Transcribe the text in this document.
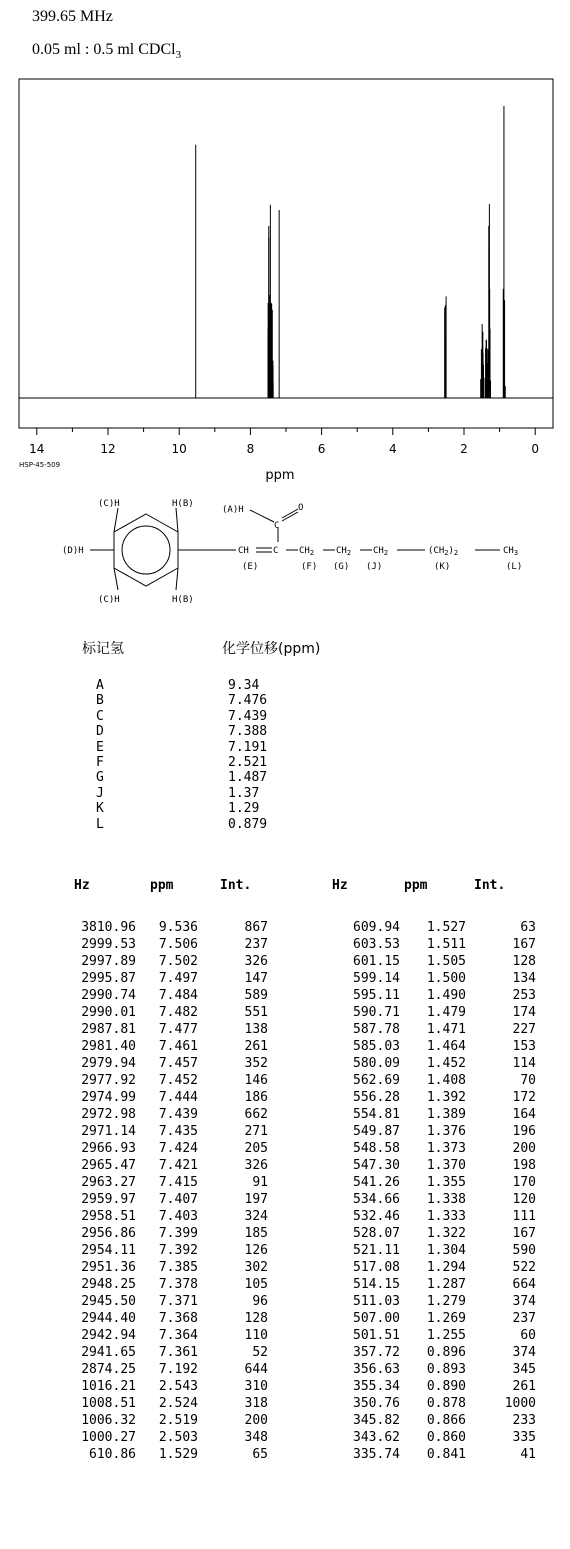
399.65 MHz
0.05 ml : 0.5 ml CDCl$_3$
14	12	10	8	6	4	2	0
ppm
HSP-45-509
(C)H	H(B)
(D)H
(C)H	H(B)
(A)H
C
O
CH	C $CH_2$ $CH_2$ $CH_2$	$(CH_2)_2$	$CH_3$
(E)	(F) (G) (J)	(K)	(L)
标记氢	化学位移(ppm)
A	9.34
B	7.476
C	7.439
D	7.388
E	7.191
F	2.521
G	1.487
J	1.37
K	1.29
L	0.879
Hz	ppm	Int.	Hz	ppm	Int.
3810.96 9.536	867	609.94 1.527	63
2999.53 7.506	237	603.53 1.511	167
2997.89 7.502	326	601.15 1.505	128
2995.87 7.497	147	599.14 1.500	134
2990.74 7.484	589	595.11 1.490	253
2990.01 7.482	551	590.71 1.479	174
2987.81 7.477	138	587.78 1.471	227
2981.40 7.461	261	585.03 1.464	153
2979.94 7.457	352	580.09 1.452	114
2977.92 7.452	146	562.69 1.408	70
2974.99 7.444	186	556.28 1.392	172
2972.98 7.439	662	554.81 1.389	164
2971.14 7.435	271	549.87 1.376	196
2966.93 7.424	205	548.58 1.373	200
2965.47 7.421	326	547.30 1.370	198
2963.27 7.415	91	541.26 1.355	170
2959.97 7.407	197	534.66 1.338	120
2958.51 7.403	324	532.46 1.333	111
2956.86 7.399	185	528.07 1.322	167
2954.11 7.392	126	521.11 1.304	590
2951.36 7.385	302	517.08 1.294	522
2948.25 7.378	105	514.15 1.287	664
2945.50 7.371	96	511.03 1.279	374
2944.40 7.368	128	507.00 1.269	237
2942.94 7.364	110	501.51 1.255	60
2941.65 7.361	52	357.72 0.896	374
2874.25 7.192	644	356.63 0.893	345
1016.21 2.543	310	355.34 0.890	261
1008.51 2.524	318	350.76 0.878	1000
1006.32 2.519	200	345.82 0.866	233
1000.27 2.503	348	343.62 0.860	335
610.86 1.529	65	335.74 0.841	41
